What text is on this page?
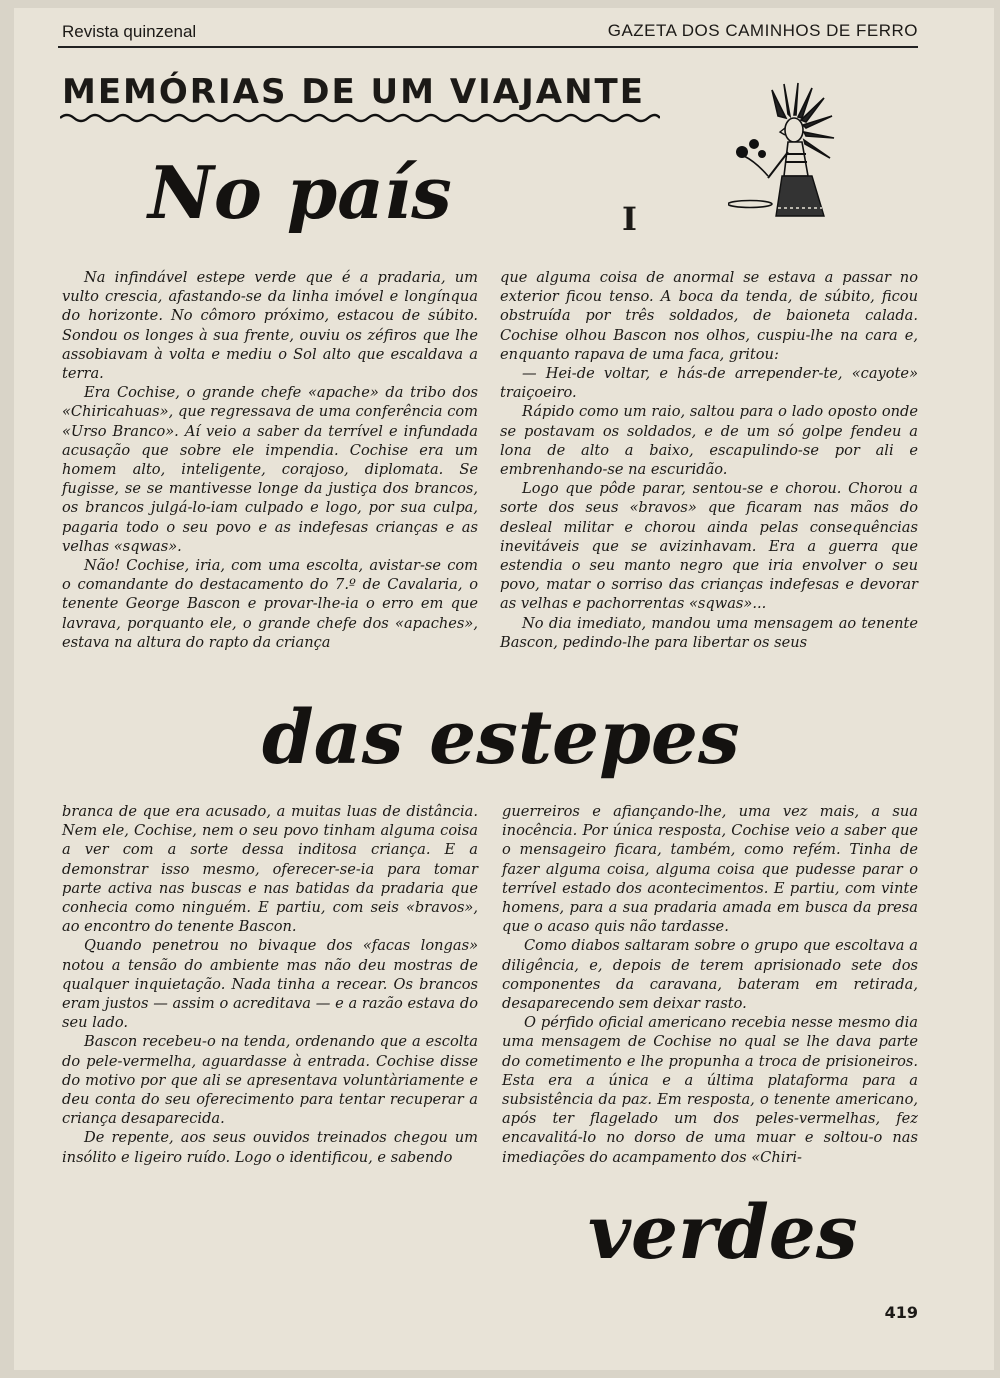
Revista quinzenal	GAZETA DOS CAMINHOS DE FERRO
MEMÓRIAS DE UM VIAJANTE
No país	I

Na infindável estepe verde que é a pradaria, um vulto crescia, afastando-se da linha imóvel e longínqua do horizonte. No cômoro próximo, estacou de súbito. Sondou os longes à sua frente, ouviu os zéfiros que lhe assobiavam à volta e mediu o Sol alto que escaldava a terra.

Era Cochise, o grande chefe «apache» da tribo dos «Chiricahuas», que regressava de uma conferência com «Urso Branco». Aí veio a saber da terrível e infundada acusação que sobre ele impendia. Cochise era um homem alto, inteligente, corajoso, diplomata. Se fugisse, se se mantivesse longe da justiça dos brancos, os brancos julgá-lo-iam culpado e logo, por sua culpa, pagaria todo o seu povo e as indefesas crianças e as velhas «sqwas».

Não! Cochise, iria, com uma escolta, avistar-se com o comandante do destacamento do 7.º de Cavalaria, o tenente George Bascon e provar-lhe-ia o erro em que lavrava, porquanto ele, o grande chefe dos «apaches», estava na altura do rapto da criança

que alguma coisa de anormal se estava a passar no exterior ficou tenso. A boca da tenda, de súbito, ficou obstruída por três soldados, de baioneta calada. Cochise olhou Bascon nos olhos, cuspiu-lhe na cara e, enquanto rapava de uma faca, gritou:

— Hei-de voltar, e hás-de arrepender-te, «cayote» traiçoeiro.

Rápido como um raio, saltou para o lado oposto onde se postavam os soldados, e de um só golpe fendeu a lona de alto a baixo, escapulindo-se por ali e embrenhando-se na escuridão.

Logo que pôde parar, sentou-se e chorou. Chorou a sorte dos seus «bravos» que ficaram nas mãos do desleal militar e chorou ainda pelas consequências inevitáveis que se avizinhavam. Era a guerra que estendia o seu manto negro que iria envolver o seu povo, matar o sorriso das crianças indefesas e devorar as velhas e pachorrentas «sqwas»...

No dia imediato, mandou uma mensagem ao tenente Bascon, pedindo-lhe para libertar os seus

das estepes

branca de que era acusado, a muitas luas de distância. Nem ele, Cochise, nem o seu povo tinham alguma coisa a ver com a sorte dessa inditosa criança. E a demonstrar isso mesmo, oferecer-se-ia para tomar parte activa nas buscas e nas batidas da pradaria que conhecia como ninguém. E partiu, com seis «bravos», ao encontro do tenente Bascon.

Quando penetrou no bivaque dos «facas longas» notou a tensão do ambiente mas não deu mostras de qualquer inquietação. Nada tinha a recear. Os brancos eram justos — assim o acreditava — e a razão estava do seu lado.

Bascon recebeu-o na tenda, ordenando que a escolta do pele-vermelha, aguardasse à entrada. Cochise disse do motivo por que ali se apresentava voluntàriamente e deu conta do seu oferecimento para tentar recuperar a criança desaparecida.

De repente, aos seus ouvidos treinados chegou um insólito e ligeiro ruído. Logo o identificou, e sabendo

guerreiros e afiançando-lhe, uma vez mais, a sua inocência. Por única resposta, Cochise veio a saber que o mensageiro ficara, também, como refém. Tinha de fazer alguma coisa, alguma coisa que pudesse parar o terrível estado dos acontecimentos. E partiu, com vinte homens, para a sua pradaria amada em busca da presa que o acaso quis não tardasse.

Como diabos saltaram sobre o grupo que escoltava a diligência, e, depois de terem aprisionado sete dos componentes da caravana, bateram em retirada, desaparecendo sem deixar rasto.

O pérfido oficial americano recebia nesse mesmo dia uma mensagem de Cochise no qual se lhe dava parte do cometimento e lhe propunha a troca de prisioneiros. Esta era a única e a última plataforma para a subsistência da paz. Em resposta, o tenente americano, após ter flagelado um dos peles-vermelhas, fez encavalitá-lo no dorso de uma muar e soltou-o nas imediações do acampamento dos «Chiri-

verdes
419
